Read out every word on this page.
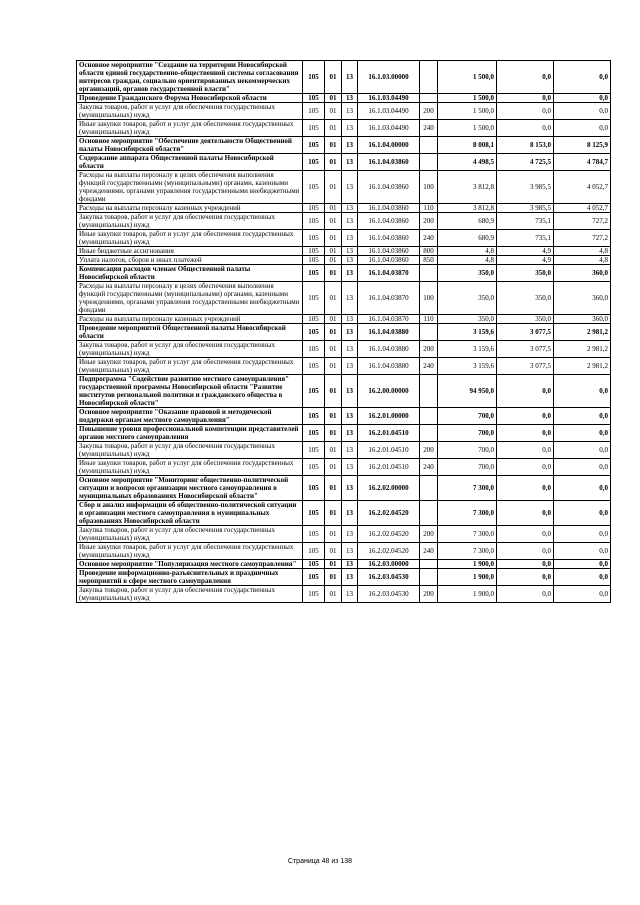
Основное мероприятие "Создание на территории Новосибирской области единой государственно-общественной системы согласования интересов граждан, социально ориентированных некоммерческих организаций, органов государственной власти"	105	01	13	16.1.03.00000		1 500,0	0,0	0,0
Проведение Гражданского Форума Новосибирской области	105	01	13	16.1.03.04490		1 500,0	0,0	0,0
Закупка товаров, работ и услуг для обеспечения государственных (муниципальных) нужд	105	01	13	16.1.03.04490	200	1 500,0	0,0	0,0
Иные закупки товаров, работ и услуг для обеспечения государственных (муниципальных) нужд	105	01	13	16.1.03.04490	240	1 500,0	0,0	0,0
Основное мероприятие "Обеспечение деятельности Общественной палаты Новосибирской области"	105	01	13	16.1.04.00000		8 008,1	8 153,0	8 125,9
Содержание аппарата Общественной палаты Новосибирской области	105	01	13	16.1.04.03860		4 498,5	4 725,5	4 784,7
Расходы на выплаты персоналу в целях обеспечения выполнения функций государственными (муниципальными) органами, казенными учреждениями, органами управления государственными внебюджетными фондами	105	01	13	16.1.04.03860	100	3 812,8	3 985,5	4 052,7
Расходы на выплаты персоналу казенных учреждений	105	01	13	16.1.04.03860	110	3 812,8	3 985,5	4 052,7
Закупка товаров, работ и услуг для обеспечения государственных (муниципальных) нужд	105	01	13	16.1.04.03860	200	680,9	735,1	727,2
Иные закупки товаров, работ и услуг для обеспечения государственных (муниципальных) нужд	105	01	13	16.1.04.03860	240	680,9	735,1	727,2
Иные бюджетные ассигнования	105	01	13	16.1.04.03860	800	4,8	4,9	4,8
Уплата налогов, сборов и иных платежей	105	01	13	16.1.04.03860	850	4,8	4,9	4,8
Компенсация расходов членам Общественной палаты Новосибирской области	105	01	13	16.1.04.03870		350,0	350,0	360,0
Расходы на выплаты персоналу в целях обеспечения выполнения функций государственными (муниципальными) органами, казенными учреждениями, органами управления государственными внебюджетными фондами	105	01	13	16.1.04.03870	100	350,0	350,0	360,0
Расходы на выплаты персоналу казенных учреждений	105	01	13	16.1.04.03870	110	350,0	350,0	360,0
Проведение мероприятий Общественной палаты Новосибирской области	105	01	13	16.1.04.03880		3 159,6	3 077,5	2 981,2
Закупка товаров, работ и услуг для обеспечения государственных (муниципальных) нужд	105	01	13	16.1.04.03880	200	3 159,6	3 077,5	2 981,2
Иные закупки товаров, работ и услуг для обеспечения государственных (муниципальных) нужд	105	01	13	16.1.04.03880	240	3 159,6	3 077,5	2 981,2
Подпрограмма "Содействие развитию местного самоуправления" государственной программы Новосибирской области "Развитие институтов региональной политики и гражданского общества в Новосибирской области"	105	01	13	16.2.00.00000		94 950,0	0,0	0,0
Основное мероприятие "Оказание правовой и методической поддержки органам местного самоуправления"	105	01	13	16.2.01.00000		700,0	0,0	0,0
Повышение уровня профессиональной компетенции представителей органов местного самоуправления	105	01	13	16.2.01.04510		700,0	0,0	0,0
Закупка товаров, работ и услуг для обеспечения государственных (муниципальных) нужд	105	01	13	16.2.01.04510	200	700,0	0,0	0,0
Иные закупки товаров, работ и услуг для обеспечения государственных (муниципальных) нужд	105	01	13	16.2.01.04510	240	700,0	0,0	0,0
Основное мероприятие "Мониторинг общественно-политической ситуации и вопросов организации местного самоуправления в муниципальных образованиях Новосибирской области"	105	01	13	16.2.02.00000		7 300,0	0,0	0,0
Сбор и анализ информации об общественно-политической ситуации и организации местного самоуправления в муниципальных образованиях Новосибирской области	105	01	13	16.2.02.04520		7 300,0	0,0	0,0
Закупка товаров, работ и услуг для обеспечения государственных (муниципальных) нужд	105	01	13	16.2.02.04520	200	7 300,0	0,0	0,0
Иные закупки товаров, работ и услуг для обеспечения государственных (муниципальных) нужд	105	01	13	16.2.02.04520	240	7 300,0	0,0	0,0
Основное мероприятие "Популяризация местного самоуправления"	105	01	13	16.2.03.00000		1 900,0	0,0	0,0
Проведение информационно-разъяснительных и праздничных мероприятий в сфере местного самоуправления	105	01	13	16.2.03.04530		1 900,0	0,0	0,0
Закупка товаров, работ и услуг для обеспечения государственных (муниципальных) нужд	105	01	13	16.2.03.04530	200	1 900,0	0,0	0,0
Страница 48 из 138
